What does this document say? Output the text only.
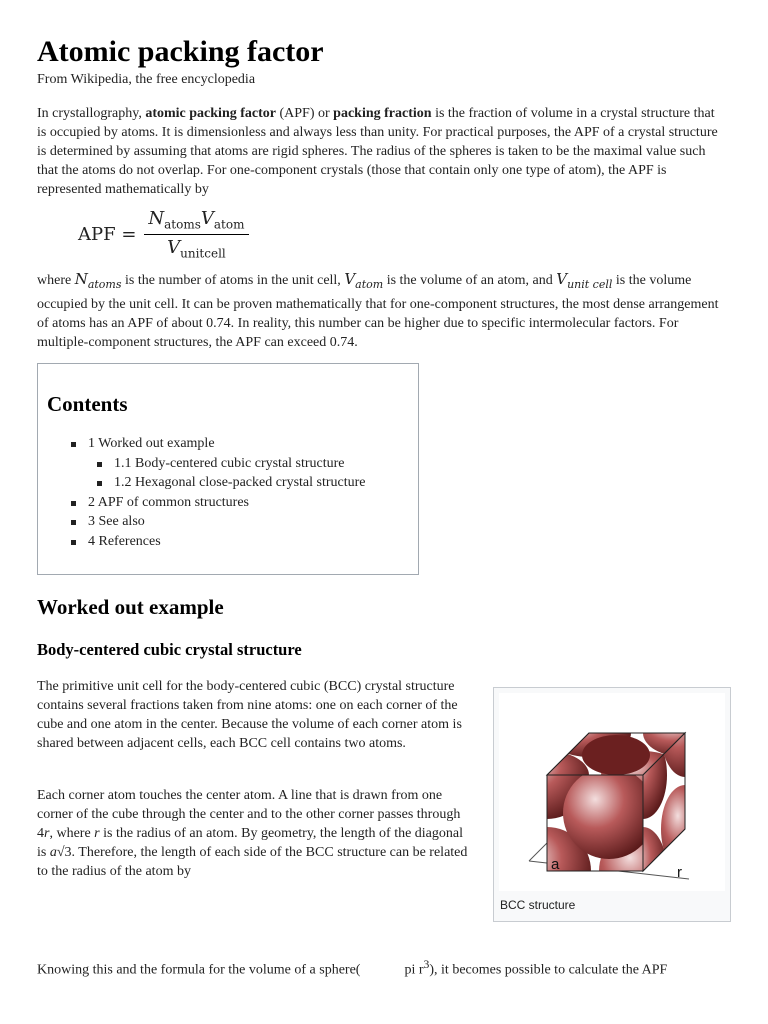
Atomic packing factor
From Wikipedia, the free encyclopedia

In crystallography, atomic packing factor (APF) or packing fraction is the fraction of volume in a crystal structure that is occupied by atoms. It is dimensionless and always less than unity. For practical purposes, the APF of a crystal structure is determined by assuming that atoms are rigid spheres. The radius of the spheres is taken to be the maximal value such that the atoms do not overlap. For one-component crystals (those that contain only one type of atom), the APF is represented mathematically by

APF = $\frac{N_{atoms}V_{atom}}{V_{unitcell}}$

where $N_{atoms}$ is the number of atoms in the unit cell, $V_{atom}$ is the volume of an atom, and $V_{unit cell}$ is the volume occupied by the unit cell. It can be proven mathematically that for one-component structures, the most dense arrangement of atoms has an APF of about 0.74. In reality, this number can be higher due to specific intermolecular factors. For multiple-component structures, the APF can exceed 0.74.

Contents
1 Worked out example
1.1 Body-centered cubic crystal structure
1.2 Hexagonal close-packed crystal structure
2 APF of common structures
3 See also
4 References
Worked out example
Body-centered cubic crystal structure

The primitive unit cell for the body-centered cubic (BCC) crystal structure contains several fractions taken from nine atoms: one on each corner of the cube and one atom in the center. Because the volume of each corner atom is shared between adjacent cells, each BCC cell contains two atoms.

Each corner atom touches the center atom. A line that is drawn from one corner of the cube through the center and to the other corner passes through 4r, where r is the radius of an atom. By geometry, the length of the diagonal is a√3. Therefore, the length of each side of the BCC structure can be related to the radius of the atom by	a	r
BCC structure

Knowing this and the formula for the volume of a sphere(	pi $r^3$), it becomes possible to calculate the APF
